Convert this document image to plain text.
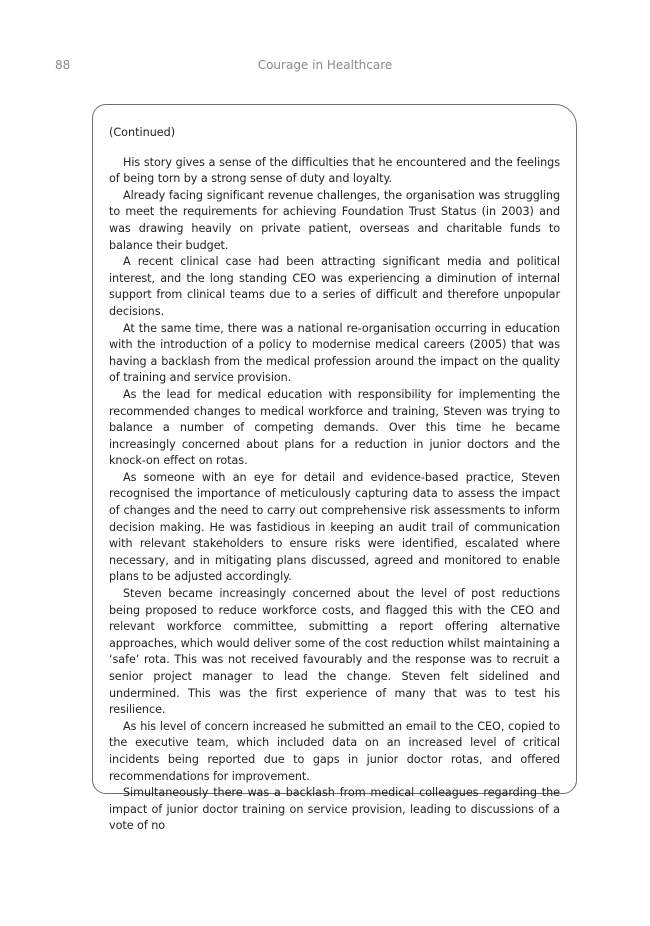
88	Courage in Healthcare

(Continued)

His story gives a sense of the difficulties that he encountered and the feelings of being torn by a strong sense of duty and loyalty.

Already facing significant revenue challenges, the organisation was struggling to meet the requirements for achieving Foundation Trust Status (in 2003) and was drawing heavily on private patient, overseas and charitable funds to balance their budget.

A recent clinical case had been attracting significant media and political interest, and the long standing CEO was experiencing a diminution of internal support from clinical teams due to a series of difficult and therefore unpopular decisions.

At the same time, there was a national re-organisation occurring in education with the introduction of a policy to modernise medical careers (2005) that was having a backlash from the medical profession around the impact on the quality of training and service provision.

As the lead for medical education with responsibility for implementing the recommended changes to medical workforce and training, Steven was trying to balance a number of competing demands. Over this time he became increasingly concerned about plans for a reduction in junior doctors and the knock-on effect on rotas.

As someone with an eye for detail and evidence-based practice, Steven recognised the importance of meticulously capturing data to assess the impact of changes and the need to carry out comprehensive risk assessments to inform decision making. He was fastidious in keeping an audit trail of communication with relevant stakeholders to ensure risks were identified, escalated where necessary, and in mitigating plans discussed, agreed and monitored to enable plans to be adjusted accordingly.

Steven became increasingly concerned about the level of post reductions being proposed to reduce workforce costs, and flagged this with the CEO and relevant workforce committee, submitting a report offering alternative approaches, which would deliver some of the cost reduction whilst maintaining a ‘safe’ rota. This was not received favourably and the response was to recruit a senior project manager to lead the change. Steven felt sidelined and undermined. This was the first experience of many that was to test his resilience.

As his level of concern increased he submitted an email to the CEO, copied to the executive team, which included data on an increased level of critical incidents being reported due to gaps in junior doctor rotas, and offered recommendations for improvement.

Simultaneously there was a backlash from medical colleagues regarding the impact of junior doctor training on service provision, leading to discussions of a vote of no
